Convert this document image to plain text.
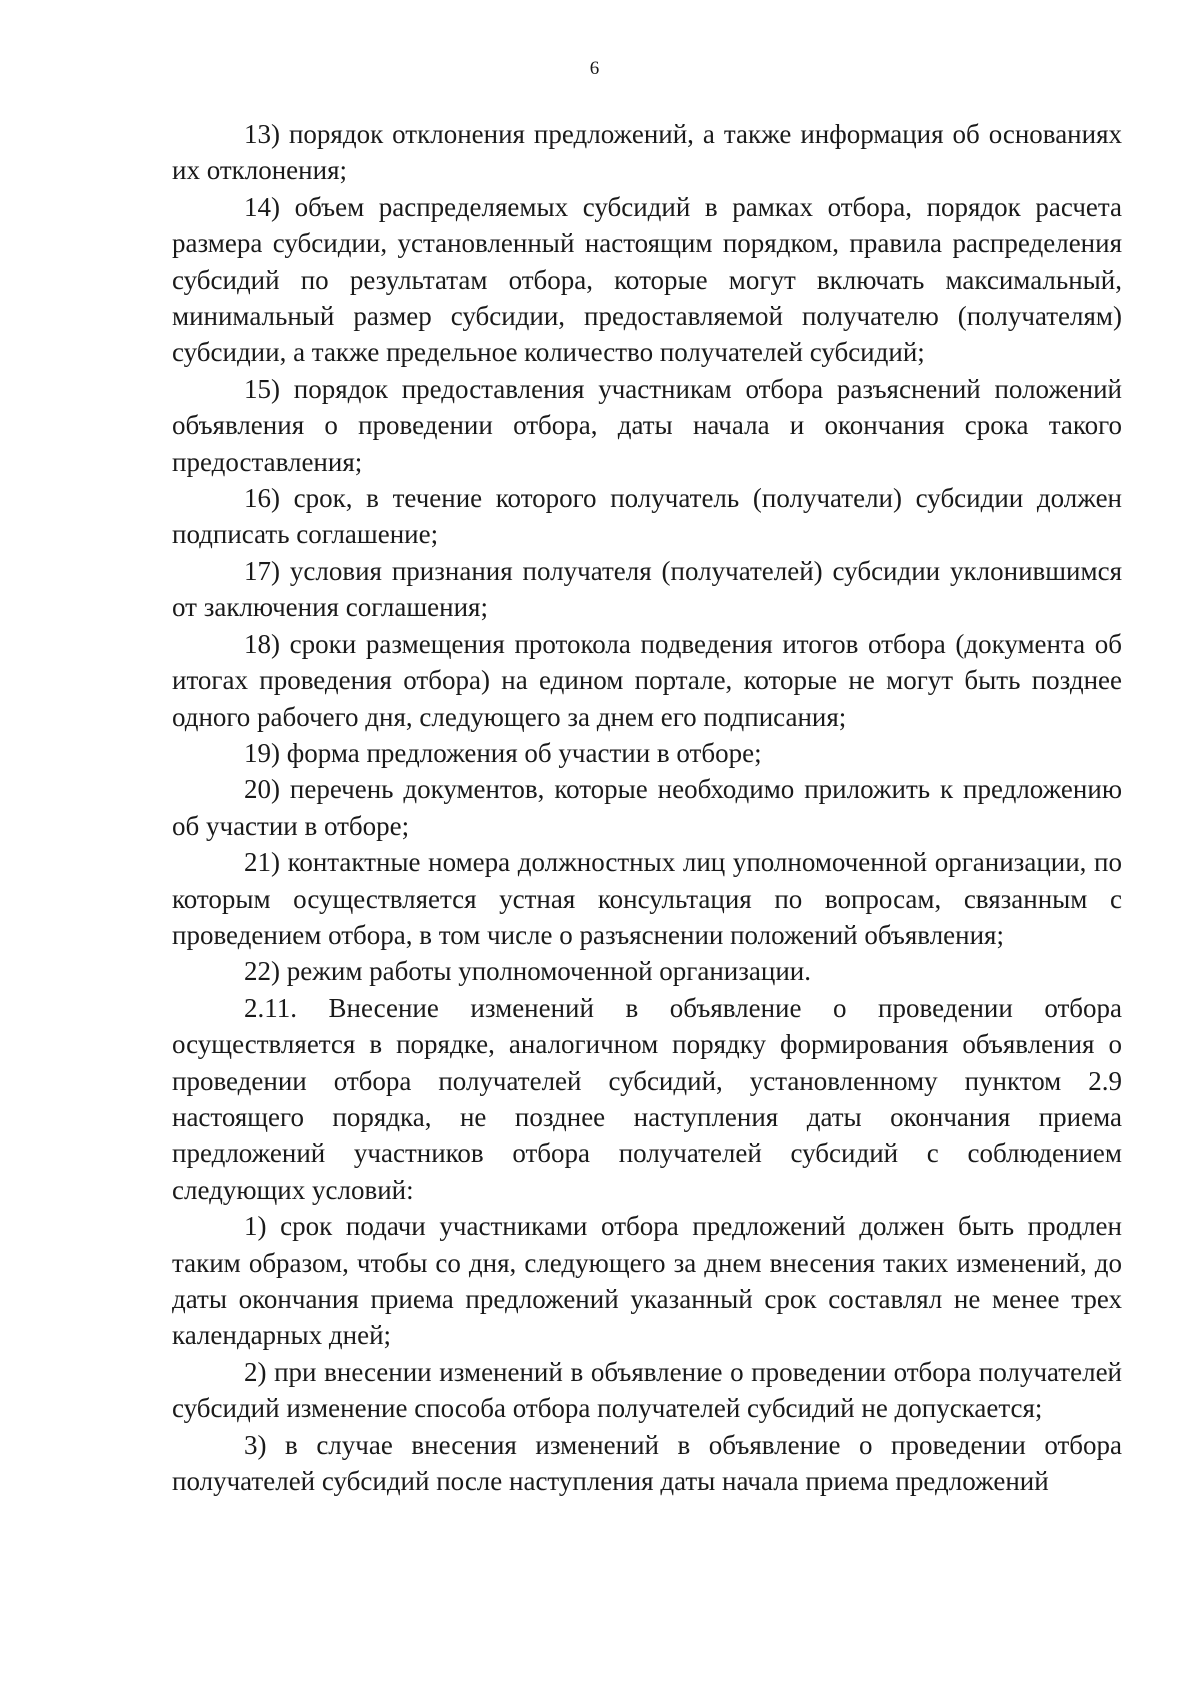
6

13) порядок отклонения предложений, а также информация об основаниях их отклонения;

14) объем распределяемых субсидий в рамках отбора, порядок расчета размера субсидии, установленный настоящим порядком, правила распределения субсидий по результатам отбора, которые могут включать максимальный, минимальный размер субсидии, предоставляемой получателю (получателям) субсидии, а также предельное количество получателей субсидий;

15) порядок предоставления участникам отбора разъяснений положений объявления о проведении отбора, даты начала и окончания срока такого предоставления;

16) срок, в течение которого получатель (получатели) субсидии должен подписать соглашение;

17) условия признания получателя (получателей) субсидии уклонившимся от заключения соглашения;

18) сроки размещения протокола подведения итогов отбора (документа об итогах проведения отбора) на едином портале, которые не могут быть позднее одного рабочего дня, следующего за днем его подписания;

19) форма предложения об участии в отборе;

20) перечень документов, которые необходимо приложить к предложению об участии в отборе;

21) контактные номера должностных лиц уполномоченной организации, по которым осуществляется устная консультация по вопросам, связанным с проведением отбора, в том числе о разъяснении положений объявления;

22) режим работы уполномоченной организации.

2.11. Внесение изменений в объявление о проведении отбора осуществляется в порядке, аналогичном порядку формирования объявления о проведении отбора получателей субсидий, установленному пунктом 2.9 настоящего порядка, не позднее наступления даты окончания приема предложений участников отбора получателей субсидий с соблюдением следующих условий:

1) срок подачи участниками отбора предложений должен быть продлен таким образом, чтобы со дня, следующего за днем внесения таких изменений, до даты окончания приема предложений указанный срок составлял не менее трех календарных дней;

2) при внесении изменений в объявление о проведении отбора получателей субсидий изменение способа отбора получателей субсидий не допускается;

3) в случае внесения изменений в объявление о проведении отбора получателей субсидий после наступления даты начала приема предложений
